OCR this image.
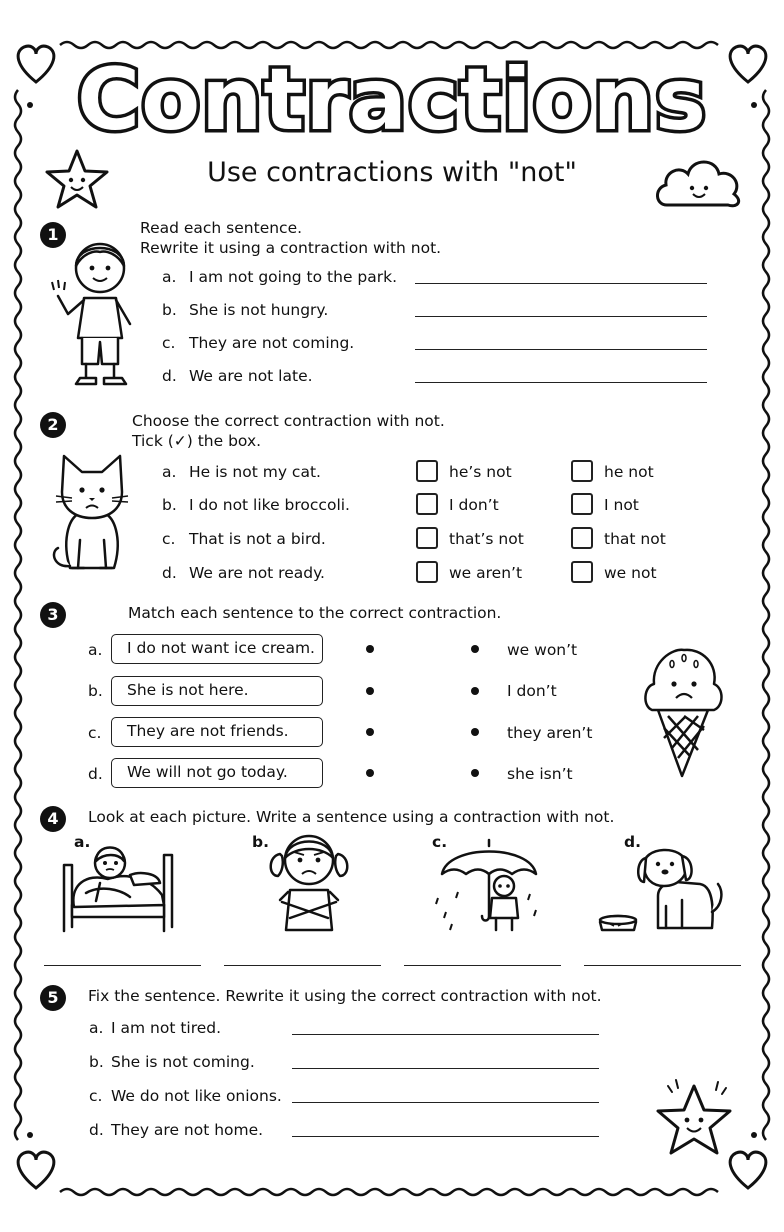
Contractions
Use contractions with "not"
1	Read each sentence.
Rewrite it using a contraction with not.
a. I am not going to the park.
b. She is not hungry.
c. They are not coming.
d. We are not late.
2	Choose the correct contraction with not.
Tick (✓) the box.
a. He is not my cat.	he’s not	he not
b. I do not like broccoli.	I don’t	I not
c. That is not a bird.	that’s not	that not
d. We are not ready.	we aren’t	we not
3	Match each sentence to the correct contraction.
a.	I do not want ice cream.	we won’t
b.	She is not here.	I don’t
c.	They are not friends.	they aren’t
d.	We will not go today.	she isn’t
4	Look at each picture. Write a sentence using a contraction with not.
a.	b.	c.	d.
5	Fix the sentence. Rewrite it using the correct contraction with not.
a. I am not tired.
b. She is not coming.
c. We do not like onions.
d. They are not home.
